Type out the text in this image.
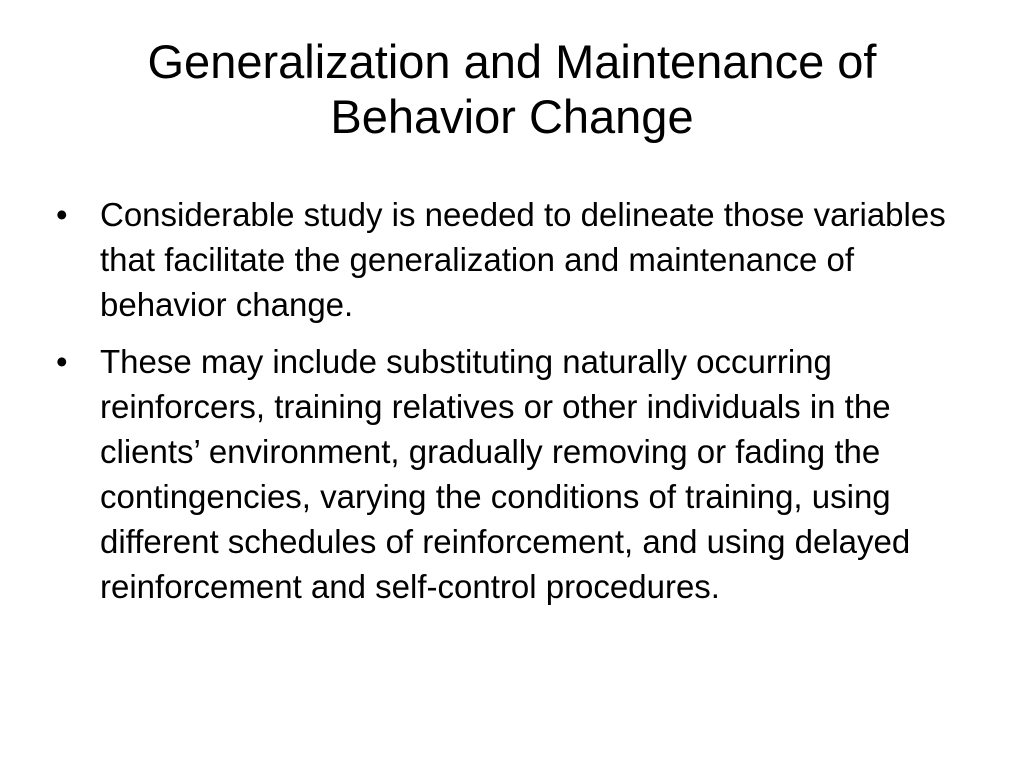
Generalization and Maintenance of
Behavior Change
• Considerable study is needed to delineate those variables that facilitate the generalization and maintenance of behavior change.
• These may include substituting naturally occurring reinforcers, training relatives or other individuals in the clients’ environment, gradually removing or fading the contingencies, varying the conditions of training, using different schedules of reinforcement, and using delayed reinforcement and self-control procedures.
